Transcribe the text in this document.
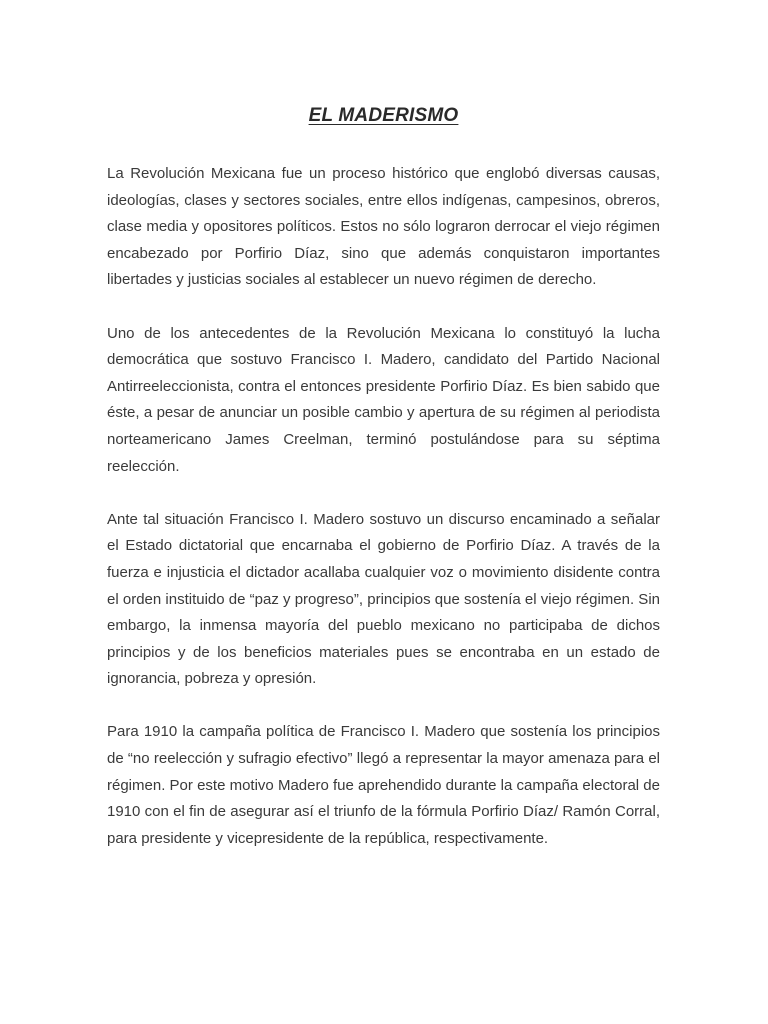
EL MADERISMO

La Revolución Mexicana fue un proceso histórico que englobó diversas causas, ideologías, clases y sectores sociales, entre ellos indígenas, campesinos, obreros, clase media y opositores políticos. Estos no sólo lograron derrocar el viejo régimen encabezado por Porfirio Díaz, sino que además conquistaron importantes libertades y justicias sociales al establecer un nuevo régimen de derecho.

Uno de los antecedentes de la Revolución Mexicana lo constituyó la lucha democrática que sostuvo Francisco I. Madero, candidato del Partido Nacional Antirreeleccionista, contra el entonces presidente Porfirio Díaz. Es bien sabido que éste, a pesar de anunciar un posible cambio y apertura de su régimen al periodista norteamericano James Creelman, terminó postulándose para su séptima reelección.

Ante tal situación Francisco I. Madero sostuvo un discurso encaminado a señalar el Estado dictatorial que encarnaba el gobierno de Porfirio Díaz. A través de la fuerza e injusticia el dictador acallaba cualquier voz o movimiento disidente contra el orden instituido de “paz y progreso”, principios que sostenía el viejo régimen. Sin embargo, la inmensa mayoría del pueblo mexicano no participaba de dichos principios y de los beneficios materiales pues se encontraba en un estado de ignorancia, pobreza y opresión.

Para 1910 la campaña política de Francisco I. Madero que sostenía los principios de “no reelección y sufragio efectivo” llegó a representar la mayor amenaza para el régimen. Por este motivo Madero fue aprehendido durante la campaña electoral de 1910 con el fin de asegurar así el triunfo de la fórmula Porfirio Díaz/ Ramón Corral, para presidente y vicepresidente de la república, respectivamente.
